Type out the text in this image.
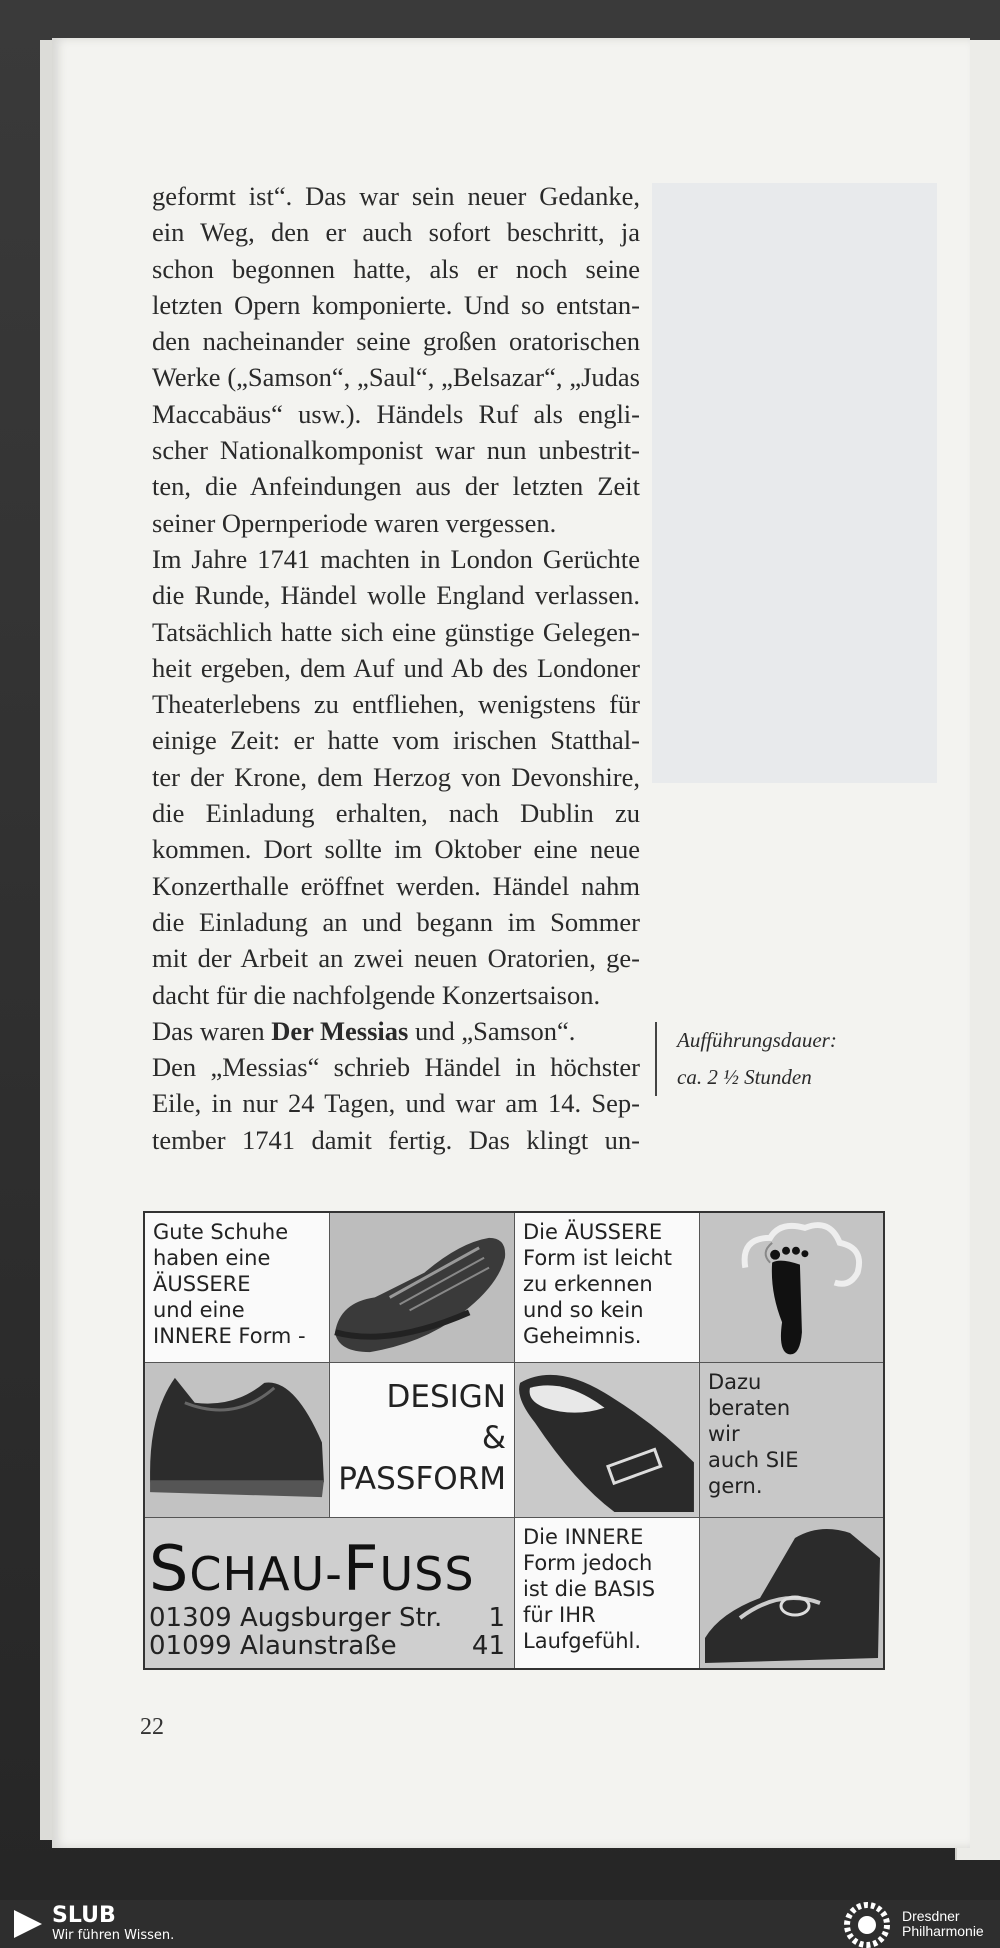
geformt ist“. Das war sein neuer Gedanke,

ein Weg, den er auch sofort beschritt, ja

schon begonnen hatte, als er noch seine

letzten Opern komponierte. Und so entstan-

den nacheinander seine großen oratorischen

Werke („Samson“, „Saul“, „Belsazar“, „Judas

Maccabäus“ usw.). Händels Ruf als engli-

scher Nationalkomponist war nun unbestrit-

ten, die Anfeindungen aus der letzten Zeit

seiner Opernperiode waren vergessen.

Im Jahre 1741 machten in London Gerüchte

die Runde, Händel wolle England verlassen.

Tatsächlich hatte sich eine günstige Gelegen-

heit ergeben, dem Auf und Ab des Londoner

Theaterlebens zu entfliehen, wenigstens für

einige Zeit: er hatte vom irischen Statthal-

ter der Krone, dem Herzog von Devonshire,

die Einladung erhalten, nach Dublin zu

kommen. Dort sollte im Oktober eine neue

Konzerthalle eröffnet werden. Händel nahm

die Einladung an und begann im Sommer

mit der Arbeit an zwei neuen Oratorien, ge-

dacht für die nachfolgende Konzertsaison.

Das waren Der Messias und „Samson“.

Den „Messias“ schrieb Händel in höchster

Eile, in nur 24 Tagen, und war am 14. Sep-

tember 1741 damit fertig. Das klingt un-

Aufführungsdauer:
ca. 2 ½ Stunden
Gute Schuhe
haben eine
ÄUSSERE
und eine
INNERE Form -
Die ÄUSSERE
Form ist leicht
zu erkennen
und so kein
Geheimnis.
DESIGN
&
PASSFORM
Dazu
beraten
wir
auch SIE
gern.
SCHAU-FUSS
01309 Augsburger Str. 1
01099 Alaunstraße	41
Die INNERE
Form jedoch
ist die BASIS
für IHR
Laufgefühl.
22
SLUB
Wir führen Wissen.
Dresdner
Philharmonie
